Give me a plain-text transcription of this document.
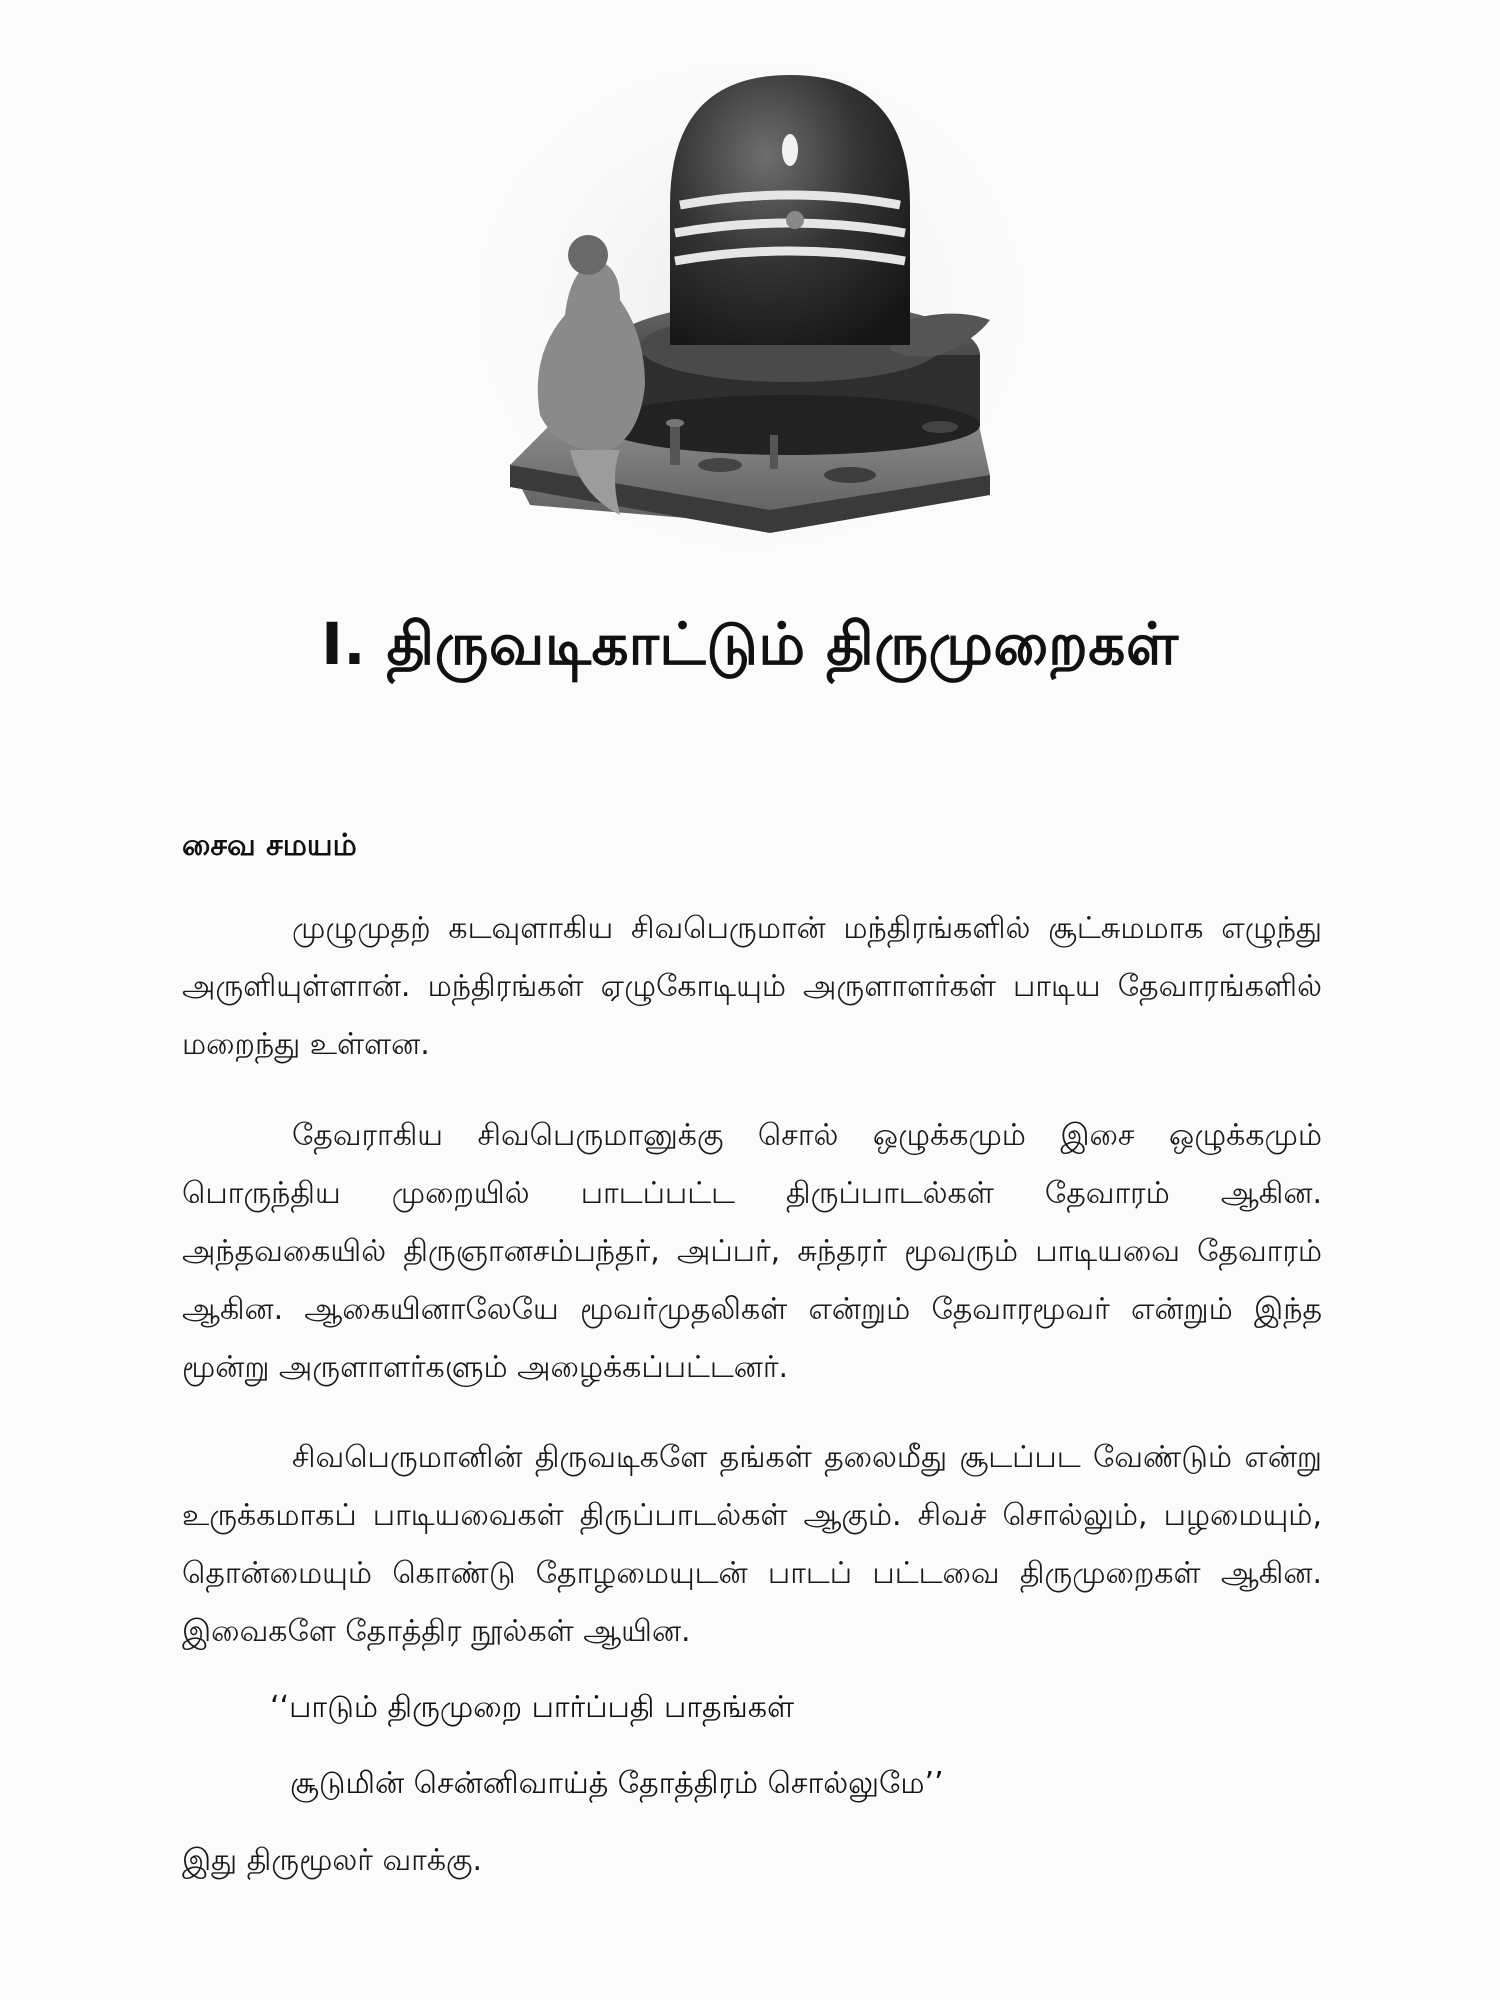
I. திருவடிகாட்டும் திருமுறைகள்
சைவ சமயம்

முழுமுதற் கடவுளாகிய சிவபெருமான் மந்திரங்களில் சூட்சுமமாக எழுந்து அருளியுள்ளான். மந்திரங்கள் ஏழுகோடியும் அருளாளர்கள் பாடிய தேவாரங்களில் மறைந்து உள்ளன.

தேவராகிய சிவபெருமானுக்கு சொல் ஒழுக்கமும் இசை ஒழுக்கமும் பொருந்திய முறையில் பாடப்பட்ட திருப்பாடல்கள் தேவாரம் ஆகின. அந்தவகையில் திருஞானசம்பந்தர், அப்பர், சுந்தரர் மூவரும் பாடியவை தேவாரம் ஆகின. ஆகையினாலேயே மூவர்முதலிகள் என்றும் தேவாரமூவர் என்றும் இந்த மூன்று அருளாளர்களும் அழைக்கப்பட்டனர்.

சிவபெருமானின் திருவடிகளே தங்கள் தலைமீது சூடப்பட வேண்டும் என்று உருக்கமாகப் பாடியவைகள் திருப்பாடல்கள் ஆகும். சிவச் சொல்லும், பழமையும், தொன்மையும் கொண்டு தோழமையுடன் பாடப் பட்டவை திருமுறைகள் ஆகின. இவைகளே தோத்திர நூல்கள் ஆயின.

‘‘பாடும் திருமுறை பார்ப்பதி பாதங்கள்
சூடுமின் சென்னிவாய்த் தோத்திரம் சொல்லுமே’’
இது திருமூலர் வாக்கு.
